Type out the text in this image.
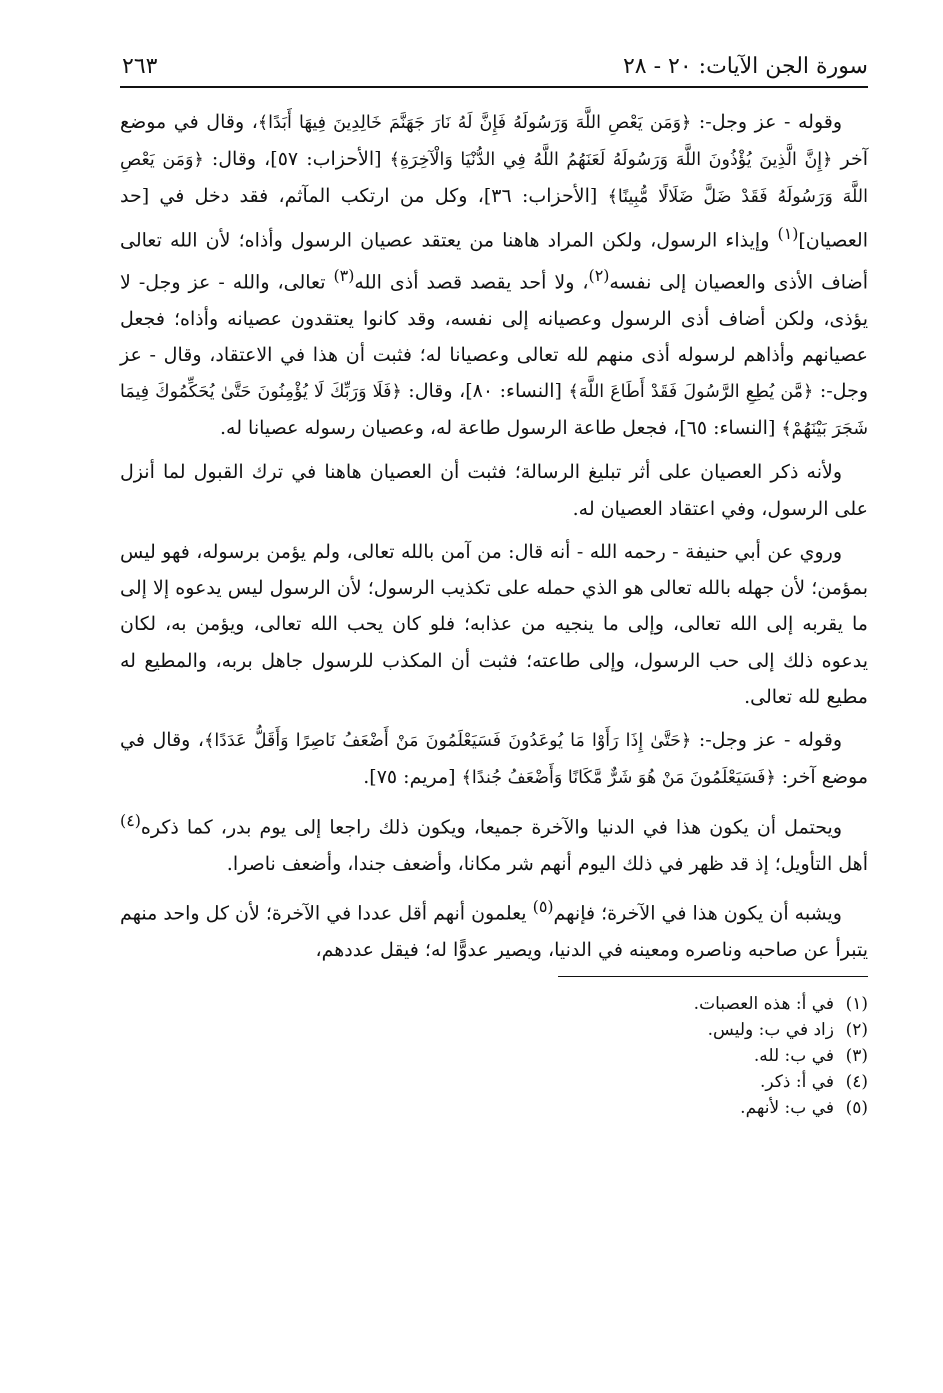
سورة الجن الآيات: ٢٠ - ٢٨
٢٦٣

وقوله - عز وجل-: ﴿وَمَن يَعْصِ اللَّهَ وَرَسُولَهُ فَإِنَّ لَهُ نَارَ جَهَنَّمَ خَالِدِينَ فِيهَا أَبَدًا﴾، وقال في موضع آخر ﴿إِنَّ الَّذِينَ يُؤْذُونَ اللَّهَ وَرَسُولَهُ لَعَنَهُمُ اللَّهُ فِي الدُّنْيَا وَالْآخِرَةِ﴾ [الأحزاب: ٥٧]، وقال: ﴿وَمَن يَعْصِ اللَّهَ وَرَسُولَهُ فَقَدْ ضَلَّ ضَلَالًا مُّبِينًا﴾ [الأحزاب: ٣٦]، وكل من ارتكب المآثم، فقد دخل في [حد العصيان]$^{(١)}$ وإيذاء الرسول، ولكن المراد هاهنا من يعتقد عصيان الرسول وأذاه؛ لأن الله تعالى أضاف الأذى والعصيان إلى نفسه$^{(٢)}$، ولا أحد يقصد قصد أذى الله$^{(٣)}$ تعالى، والله - عز وجل- لا يؤذى، ولكن أضاف أذى الرسول وعصيانه إلى نفسه، وقد كانوا يعتقدون عصيانه وأذاه؛ فجعل عصيانهم وأذاهم لرسوله أذى منهم لله تعالى وعصيانا له؛ فثبت أن هذا في الاعتقاد، وقال - عز وجل-: ﴿مَّن يُطِعِ الرَّسُولَ فَقَدْ أَطَاعَ اللَّهَ﴾ [النساء: ٨٠]، وقال: ﴿فَلَا وَرَبِّكَ لَا يُؤْمِنُونَ حَتَّىٰ يُحَكِّمُوكَ فِيمَا شَجَرَ بَيْنَهُمْ﴾ [النساء: ٦٥]، فجعل طاعة الرسول طاعة له، وعصيان رسوله عصيانا له.

ولأنه ذكر العصيان على أثر تبليغ الرسالة؛ فثبت أن العصيان هاهنا في ترك القبول لما أنزل على الرسول، وفي اعتقاد العصيان له.

وروي عن أبي حنيفة - رحمه الله - أنه قال: من آمن بالله تعالى، ولم يؤمن برسوله، فهو ليس بمؤمن؛ لأن جهله بالله تعالى هو الذي حمله على تكذيب الرسول؛ لأن الرسول ليس يدعوه إلا إلى ما يقربه إلى الله تعالى، وإلى ما ينجيه من عذابه؛ فلو كان يحب الله تعالى، ويؤمن به، لكان يدعوه ذلك إلى حب الرسول، وإلى طاعته؛ فثبت أن المكذب للرسول جاهل بربه، والمطيع له مطيع لله تعالى.

وقوله - عز وجل-: ﴿حَتَّىٰ إِذَا رَأَوْا مَا يُوعَدُونَ فَسَيَعْلَمُونَ مَنْ أَضْعَفُ نَاصِرًا وَأَقَلُّ عَدَدًا﴾، وقال في موضع آخر: ﴿فَسَيَعْلَمُونَ مَنْ هُوَ شَرٌّ مَّكَانًا وَأَضْعَفُ جُندًا﴾ [مريم: ٧٥].

ويحتمل أن يكون هذا في الدنيا والآخرة جميعا، ويكون ذلك راجعا إلى يوم بدر، كما ذكره$^{(٤)}$ أهل التأويل؛ إذ قد ظهر في ذلك اليوم أنهم شر مكانا، وأضعف جندا، وأضعف ناصرا.

ويشبه أن يكون هذا في الآخرة؛ فإنهم$^{(٥)}$ يعلمون أنهم أقل عددا في الآخرة؛ لأن كل واحد منهم يتبرأ عن صاحبه وناصره ومعينه في الدنيا، ويصير عدوًّا له؛ فيقل عددهم،

(١)في أ: هذه العصبات.
(٢)زاد في ب: وليس.
(٣)في ب: لله.
(٤)في أ: ذكر.
(٥)في ب: لأنهم.
